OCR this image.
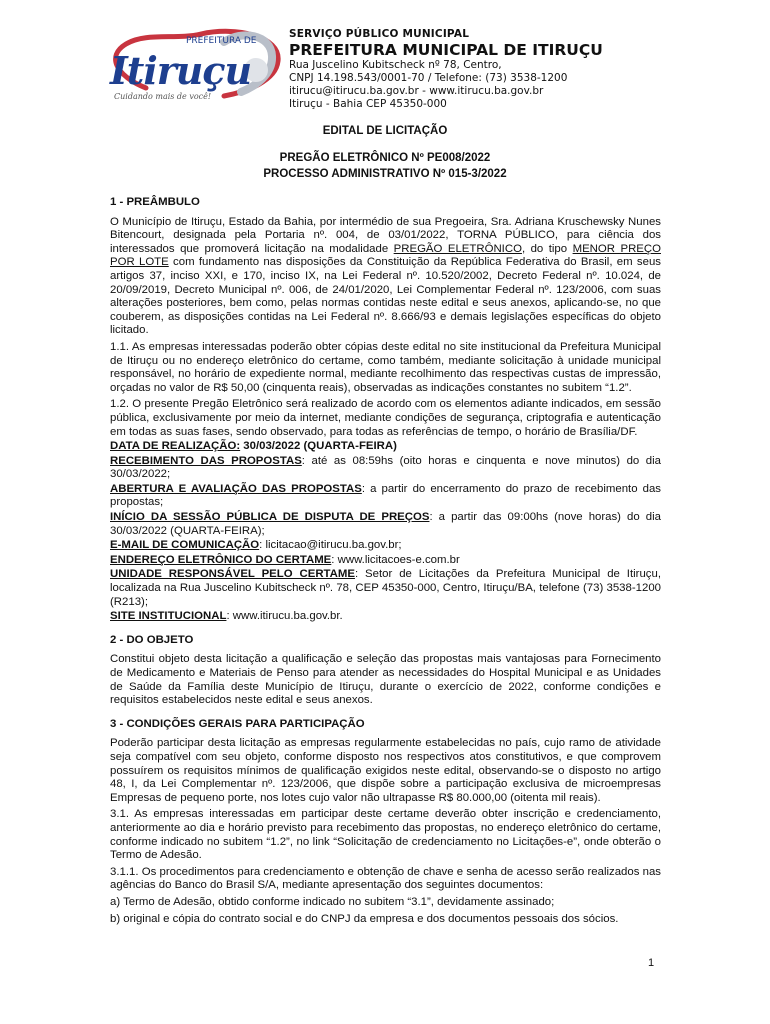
PREFEITURA DE
Itiruçu
Cuidando mais de você!
SERVIÇO PÚBLICO MUNICIPAL
PREFEITURA MUNICIPAL DE ITIRUÇU
Rua Juscelino Kubitscheck nº 78, Centro,
CNPJ 14.198.543/0001-70 / Telefone: (73) 3538-1200
itirucu@itirucu.ba.gov.br - www.itirucu.ba.gov.br
Itiruçu - Bahia CEP 45350-000
EDITAL DE LICITAÇÃO
PREGÃO ELETRÔNICO Nº PE008/2022
PROCESSO ADMINISTRATIVO Nº 015-3/2022
1 - PREÂMBULO

O Município de Itiruçu, Estado da Bahia, por intermédio de sua Pregoeira, Sra. Adriana Kruschewsky Nunes Bitencourt, designada pela Portaria nº. 004, de 03/01/2022, TORNA PÚBLICO, para ciência dos interessados que promoverá licitação na modalidade PREGÃO ELETRÔNICO, do tipo MENOR PREÇO POR LOTE com fundamento nas disposições da Constituição da República Federativa do Brasil, em seus artigos 37, inciso XXI, e 170, inciso IX, na Lei Federal nº. 10.520/2002, Decreto Federal nº. 10.024, de 20/09/2019, Decreto Municipal nº. 006, de 24/01/2020, Lei Complementar Federal nº. 123/2006, com suas alterações posteriores, bem como, pelas normas contidas neste edital e seus anexos, aplicando-se, no que couberem, as disposições contidas na Lei Federal nº. 8.666/93 e demais legislações específicas do objeto licitado.

1.1. As empresas interessadas poderão obter cópias deste edital no site institucional da Prefeitura Municipal de Itiruçu ou no endereço eletrônico do certame, como também, mediante solicitação à unidade municipal responsável, no horário de expediente normal, mediante recolhimento das respectivas custas de impressão, orçadas no valor de R$ 50,00 (cinquenta reais), observadas as indicações constantes no subitem “1.2”.

1.2. O presente Pregão Eletrônico será realizado de acordo com os elementos adiante indicados, em sessão pública, exclusivamente por meio da internet, mediante condições de segurança, criptografia e autenticação em todas as suas fases, sendo observado, para todas as referências de tempo, o horário de Brasília/DF.

DATA DE REALIZAÇÃO: 30/03/2022 (QUARTA-FEIRA)

RECEBIMENTO DAS PROPOSTAS: até as 08:59hs (oito horas e cinquenta e nove minutos) do dia 30/03/2022;

ABERTURA E AVALIAÇÃO DAS PROPOSTAS: a partir do encerramento do prazo de recebimento das propostas;

INÍCIO DA SESSÃO PÚBLICA DE DISPUTA DE PREÇOS: a partir das 09:00hs (nove horas) do dia 30/03/2022 (QUARTA-FEIRA);

E-MAIL DE COMUNICAÇÃO: licitacao@itirucu.ba.gov.br;

ENDEREÇO ELETRÔNICO DO CERTAME: www.licitacoes-e.com.br

UNIDADE RESPONSÁVEL PELO CERTAME: Setor de Licitações da Prefeitura Municipal de Itiruçu, localizada na Rua Juscelino Kubitscheck nº. 78, CEP 45350-000, Centro, Itiruçu/BA, telefone (73) 3538-1200 (R213);

SITE INSTITUCIONAL: www.itirucu.ba.gov.br.

2 - DO OBJETO

Constitui objeto desta licitação a qualificação e seleção das propostas mais vantajosas para Fornecimento de Medicamento e Materiais de Penso para atender as necessidades do Hospital Municipal e as Unidades de Saúde da Família deste Município de Itiruçu, durante o exercício de 2022, conforme condições e requisitos estabelecidos neste edital e seus anexos.

3 - CONDIÇÕES GERAIS PARA PARTICIPAÇÃO

Poderão participar desta licitação as empresas regularmente estabelecidas no país, cujo ramo de atividade seja compatível com seu objeto, conforme disposto nos respectivos atos constitutivos, e que comprovem possuírem os requisitos mínimos de qualificação exigidos neste edital, observando-se o disposto no artigo 48, I, da Lei Complementar nº. 123/2006, que dispõe sobre a participação exclusiva de microempresas Empresas de pequeno porte, nos lotes cujo valor não ultrapasse R$ 80.000,00 (oitenta mil reais).

3.1. As empresas interessadas em participar deste certame deverão obter inscrição e credenciamento, anteriormente ao dia e horário previsto para recebimento das propostas, no endereço eletrônico do certame, conforme indicado no subitem “1.2”, no link “Solicitação de credenciamento no Licitações-e”, onde obterão o Termo de Adesão.

3.1.1. Os procedimentos para credenciamento e obtenção de chave e senha de acesso serão realizados nas agências do Banco do Brasil S/A, mediante apresentação dos seguintes documentos:

a) Termo de Adesão, obtido conforme indicado no subitem “3.1”, devidamente assinado;

b) original e cópia do contrato social e do CNPJ da empresa e dos documentos pessoais dos sócios.

1
